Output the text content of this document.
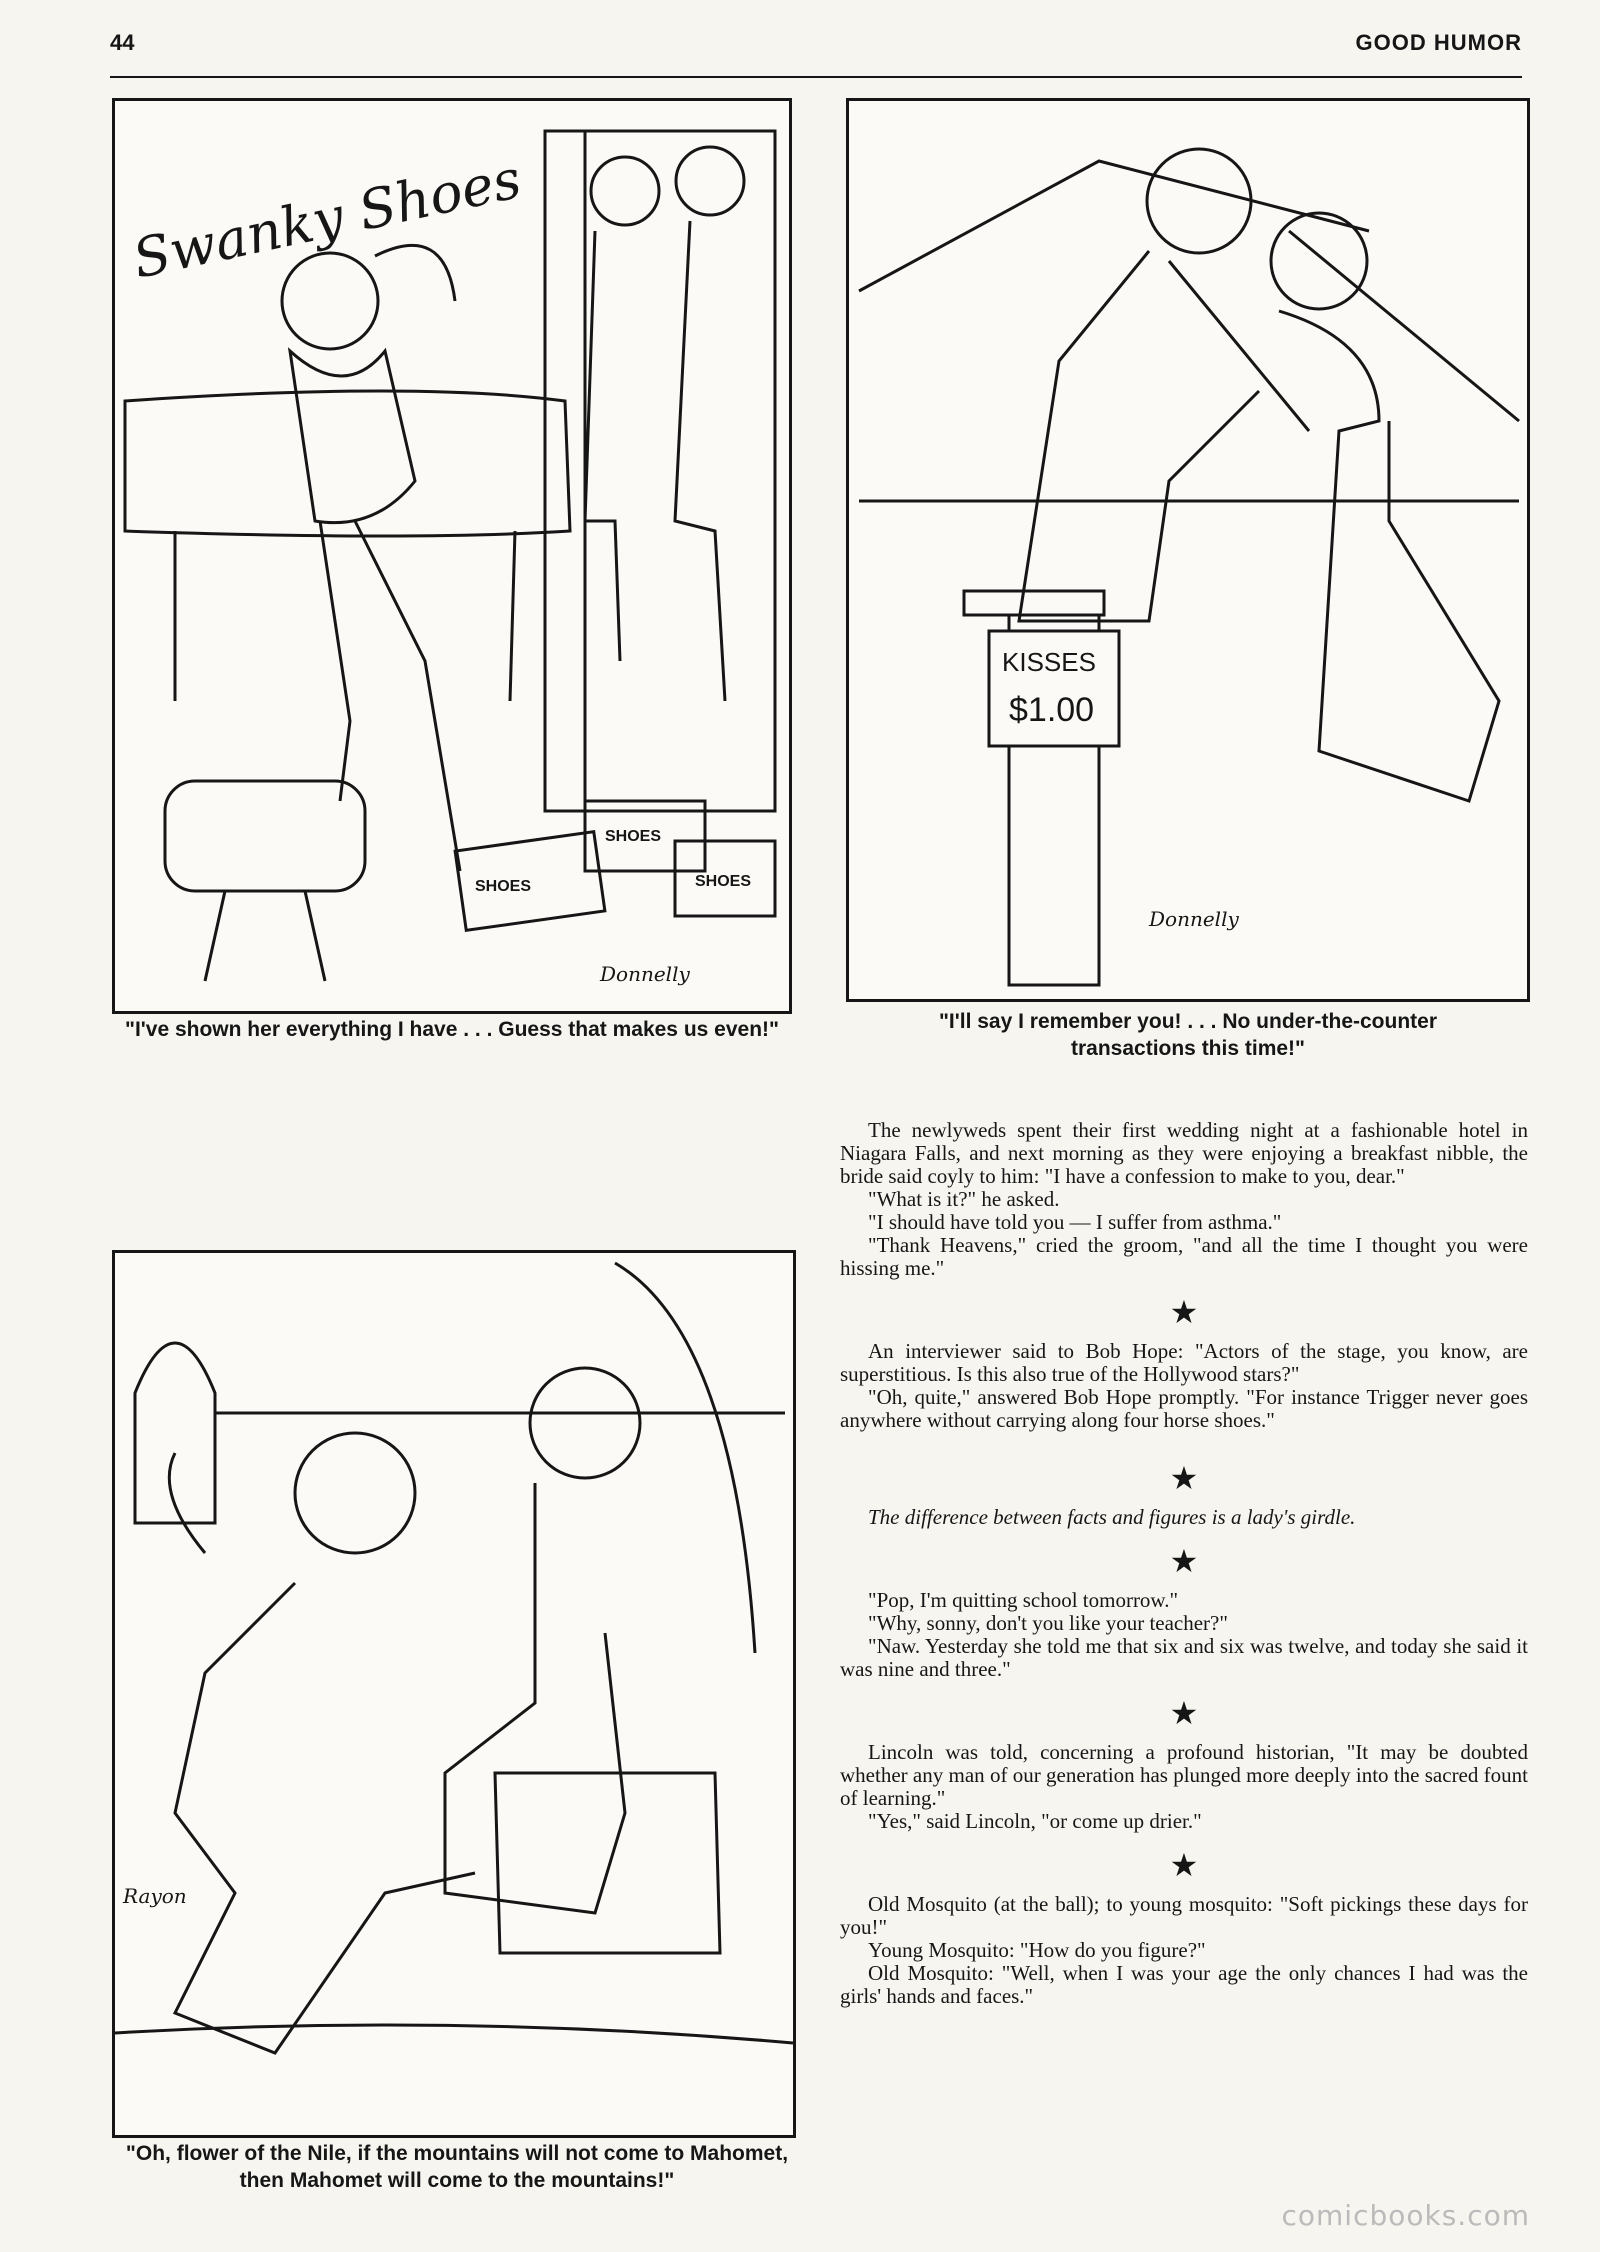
44	GOOD HUMOR
Swanky Shoes
SHOES
SHOES
SHOES
Donnelly
"I've shown her everything I have . . . Guess that makes us even!"
KISSES
$1.00
Donnelly
"I'll say I remember you! . . . No under-the-counter transactions this time!"
Rayon
"Oh, flower of the Nile, if the mountains will not come to Mahomet, then Mahomet will come to the mountains!"

The newlyweds spent their first wedding night at a fashionable hotel in Niagara Falls, and next morning as they were enjoying a breakfast nibble, the bride said coyly to him: "I have a confession to make to you, dear."

"What is it?" he asked.

"I should have told you — I suffer from asthma."

"Thank Heavens," cried the groom, "and all the time I thought you were hissing me."

★

An interviewer said to Bob Hope: "Actors of the stage, you know, are superstitious. Is this also true of the Hollywood stars?"

"Oh, quite," answered Bob Hope promptly. "For instance Trigger never goes anywhere without carrying along four horse shoes."

★

The difference between facts and figures is a lady's girdle.

★

"Pop, I'm quitting school tomorrow."

"Why, sonny, don't you like your teacher?"

"Naw. Yesterday she told me that six and six was twelve, and today she said it was nine and three."

★

Lincoln was told, concerning a profound historian, "It may be doubted whether any man of our generation has plunged more deeply into the sacred fount of learning."

"Yes," said Lincoln, "or come up drier."

★

Old Mosquito (at the ball); to young mosquito: "Soft pickings these days for you!"

Young Mosquito: "How do you figure?"

Old Mosquito: "Well, when I was your age the only chances I had was the girls' hands and faces."

comicbooks.com
